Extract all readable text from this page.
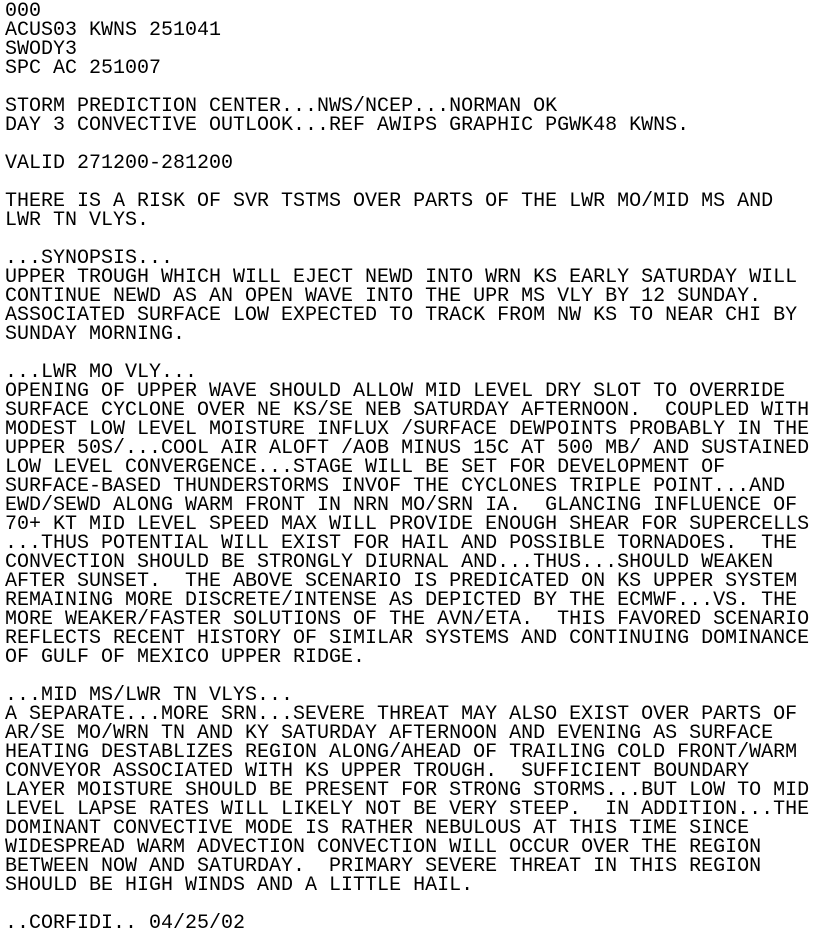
000
ACUS03 KWNS 251041
SWODY3
SPC AC 251007
STORM PREDICTION CENTER...NWS/NCEP...NORMAN OK
DAY 3 CONVECTIVE OUTLOOK...REF AWIPS GRAPHIC PGWK48 KWNS.
VALID 271200-281200
THERE IS A RISK OF SVR TSTMS OVER PARTS OF THE LWR MO/MID MS AND
LWR TN VLYS.
...SYNOPSIS...
UPPER TROUGH WHICH WILL EJECT NEWD INTO WRN KS EARLY SATURDAY WILL
CONTINUE NEWD AS AN OPEN WAVE INTO THE UPR MS VLY BY 12 SUNDAY.
ASSOCIATED SURFACE LOW EXPECTED TO TRACK FROM NW KS TO NEAR CHI BY
SUNDAY MORNING.
...LWR MO VLY...
OPENING OF UPPER WAVE SHOULD ALLOW MID LEVEL DRY SLOT TO OVERRIDE
SURFACE CYCLONE OVER NE KS/SE NEB SATURDAY AFTERNOON.  COUPLED WITH
MODEST LOW LEVEL MOISTURE INFLUX /SURFACE DEWPOINTS PROBABLY IN THE
UPPER 50S/...COOL AIR ALOFT /AOB MINUS 15C AT 500 MB/ AND SUSTAINED
LOW LEVEL CONVERGENCE...STAGE WILL BE SET FOR DEVELOPMENT OF
SURFACE-BASED THUNDERSTORMS INVOF THE CYCLONES TRIPLE POINT...AND
EWD/SEWD ALONG WARM FRONT IN NRN MO/SRN IA.  GLANCING INFLUENCE OF
70+ KT MID LEVEL SPEED MAX WILL PROVIDE ENOUGH SHEAR FOR SUPERCELLS
...THUS POTENTIAL WILL EXIST FOR HAIL AND POSSIBLE TORNADOES.  THE
CONVECTION SHOULD BE STRONGLY DIURNAL AND...THUS...SHOULD WEAKEN
AFTER SUNSET.  THE ABOVE SCENARIO IS PREDICATED ON KS UPPER SYSTEM
REMAINING MORE DISCRETE/INTENSE AS DEPICTED BY THE ECMWF...VS. THE
MORE WEAKER/FASTER SOLUTIONS OF THE AVN/ETA.  THIS FAVORED SCENARIO
REFLECTS RECENT HISTORY OF SIMILAR SYSTEMS AND CONTINUING DOMINANCE
OF GULF OF MEXICO UPPER RIDGE.
...MID MS/LWR TN VLYS...
A SEPARATE...MORE SRN...SEVERE THREAT MAY ALSO EXIST OVER PARTS OF
AR/SE MO/WRN TN AND KY SATURDAY AFTERNOON AND EVENING AS SURFACE
HEATING DESTABLIZES REGION ALONG/AHEAD OF TRAILING COLD FRONT/WARM
CONVEYOR ASSOCIATED WITH KS UPPER TROUGH.  SUFFICIENT BOUNDARY
LAYER MOISTURE SHOULD BE PRESENT FOR STRONG STORMS...BUT LOW TO MID
LEVEL LAPSE RATES WILL LIKELY NOT BE VERY STEEP.  IN ADDITION...THE
DOMINANT CONVECTIVE MODE IS RATHER NEBULOUS AT THIS TIME SINCE
WIDESPREAD WARM ADVECTION CONVECTION WILL OCCUR OVER THE REGION
BETWEEN NOW AND SATURDAY.  PRIMARY SEVERE THREAT IN THIS REGION
SHOULD BE HIGH WINDS AND A LITTLE HAIL.
..CORFIDI.. 04/25/02
